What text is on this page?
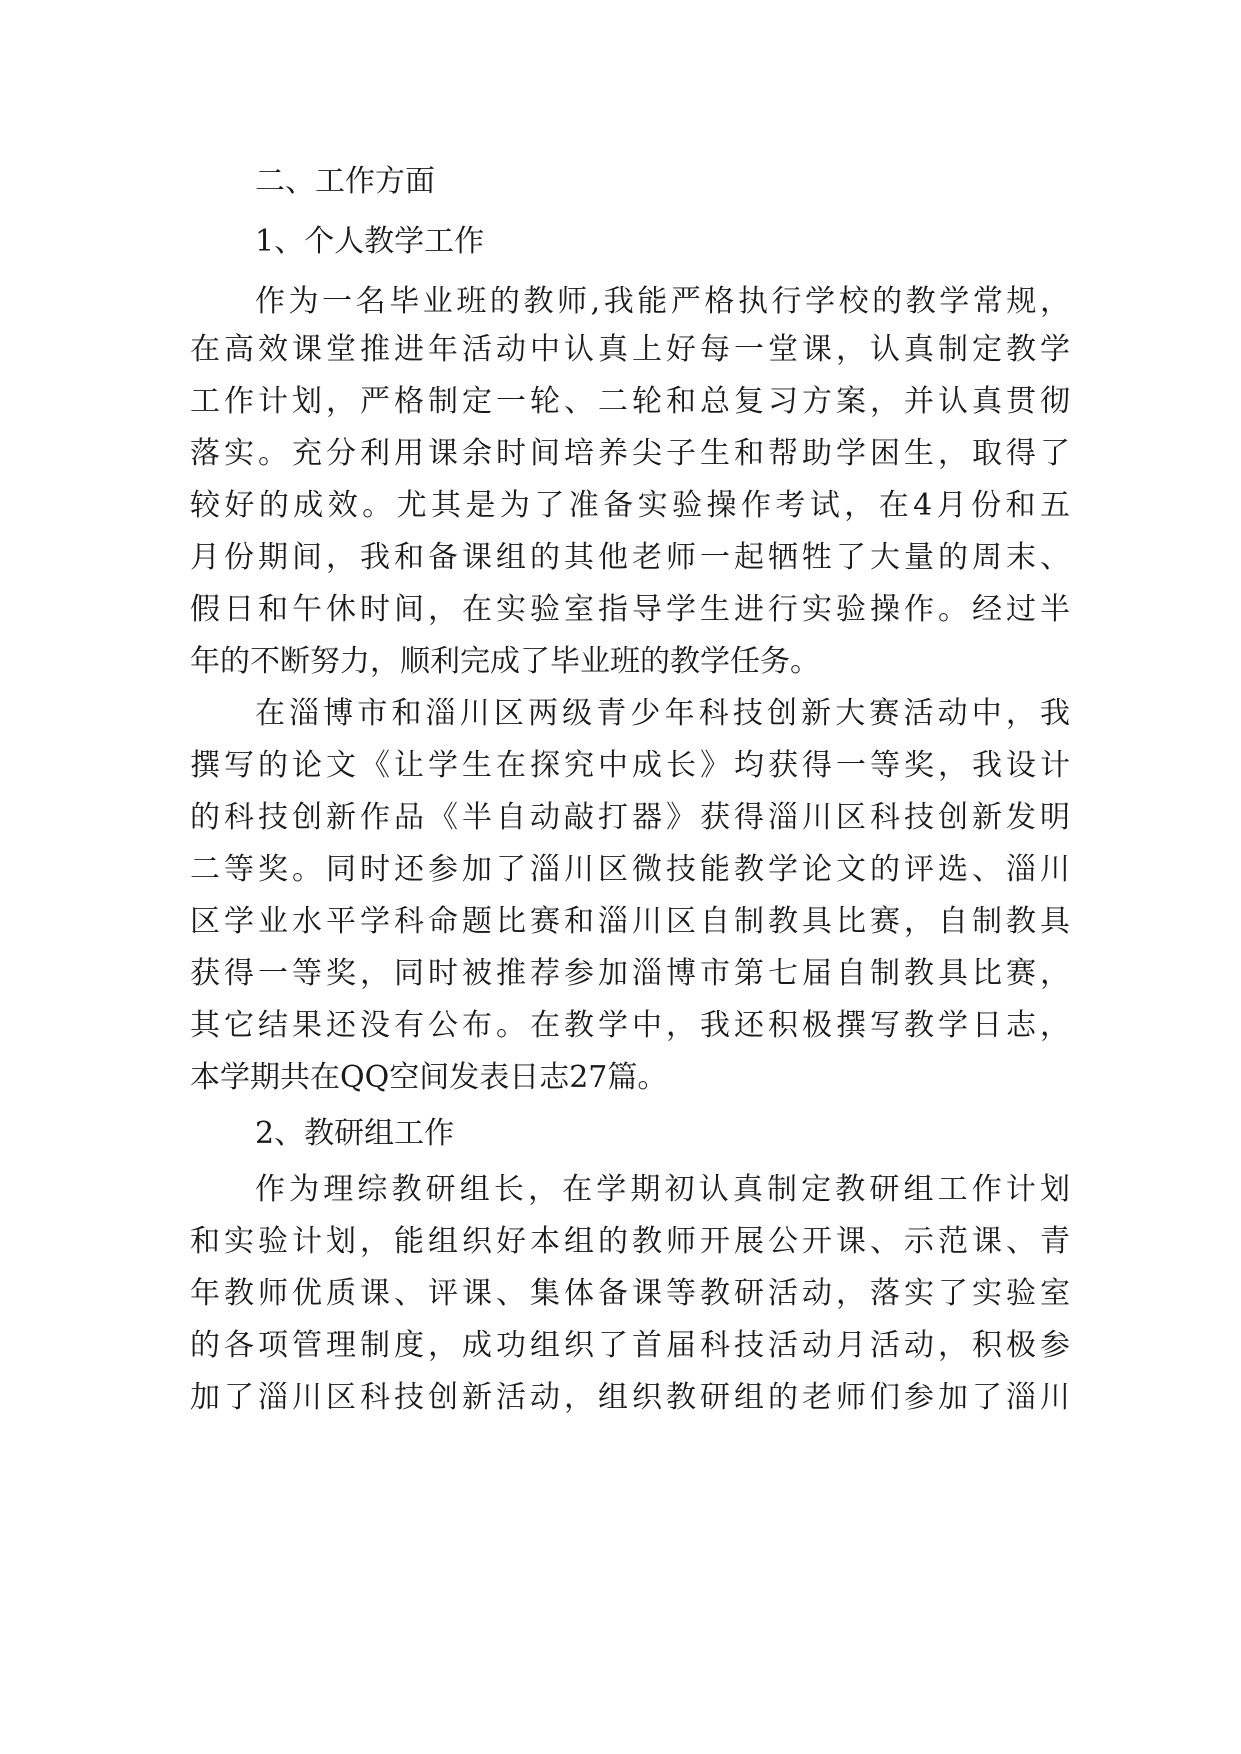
二、工作方面
1、个人教学工作
作为一名毕业班的教师,我能严格执行学校的教学常规，
在高效课堂推进年活动中认真上好每一堂课，认真制定教学
工作计划，严格制定一轮、二轮和总复习方案，并认真贯彻
落实。充分利用课余时间培养尖子生和帮助学困生，取得了
较好的成效。尤其是为了准备实验操作考试，在4月份和五
月份期间，我和备课组的其他老师一起牺牲了大量的周末、
假日和午休时间，在实验室指导学生进行实验操作。经过半
年的不断努力，顺利完成了毕业班的教学任务。
在淄博市和淄川区两级青少年科技创新大赛活动中，我
撰写的论文《让学生在探究中成长》均获得一等奖，我设计
的科技创新作品《半自动敲打器》获得淄川区科技创新发明
二等奖。同时还参加了淄川区微技能教学论文的评选、淄川
区学业水平学科命题比赛和淄川区自制教具比赛，自制教具
获得一等奖，同时被推荐参加淄博市第七届自制教具比赛，
其它结果还没有公布。在教学中，我还积极撰写教学日志，
本学期共在QQ空间发表日志27篇。
2、教研组工作
作为理综教研组长，在学期初认真制定教研组工作计划
和实验计划，能组织好本组的教师开展公开课、示范课、青
年教师优质课、评课、集体备课等教研活动，落实了实验室
的各项管理制度，成功组织了首届科技活动月活动，积极参
加了淄川区科技创新活动，组织教研组的老师们参加了淄川
